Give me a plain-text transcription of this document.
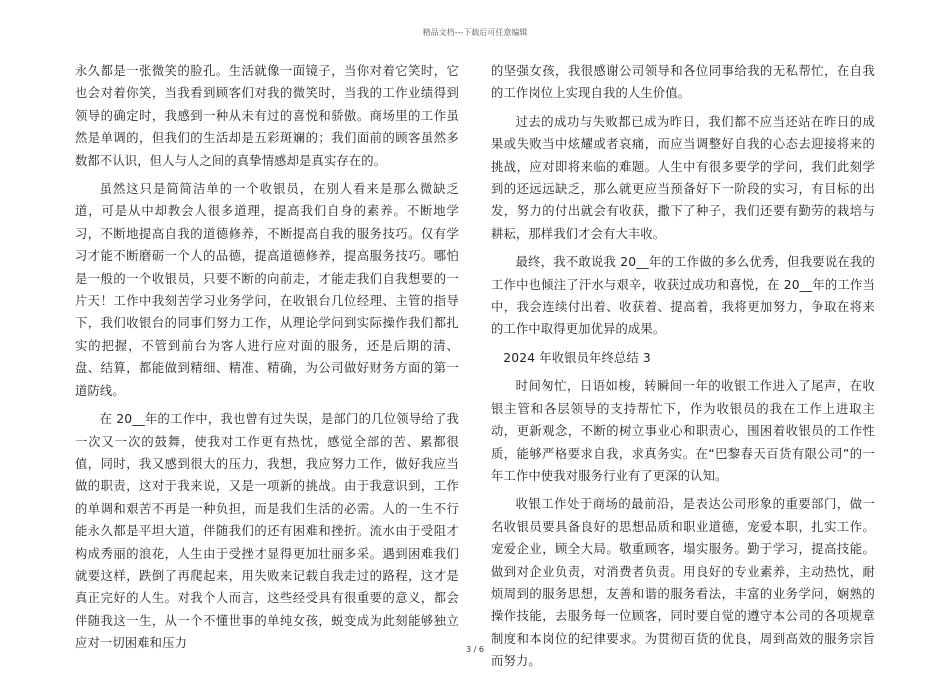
精品文档---下载后可任意编辑

永久都是一张微笑的脸孔。生活就像一面镜子，当你对着它笑时，它也会对着你笑，当我看到顾客们对我的微笑时，当我的工作业绩得到领导的确定时，我感到一种从未有过的喜悦和骄傲。商场里的工作虽然是单调的，但我们的生活却是五彩斑斓的；我们面前的顾客虽然多数都不认识，但人与人之间的真挚情感却是真实存在的。

虽然这只是简简洁单的一个收银员，在别人看来是那么微缺乏道，可是从中却教会人很多道理，提高我们自身的素养。不断地学习，不断地提高自我的道德修养，不断提高自我的服务技巧。仅有学习才能不断磨砺一个人的品德，提高道德修养，提高服务技巧。哪怕是一般的一个收银员，只要不断的向前走，才能走我们自我想要的一片天！工作中我刻苦学习业务学问，在收银台几位经理、主管的指导下，我们收银台的同事们努力工作，从理论学问到实际操作我们都扎实的把握，不管到前台为客人进行应对面的服务，还是后期的清、盘、结算，都能做到精细、精准、精确，为公司做好财务方面的第一道防线。

在 20__年的工作中，我也曾有过失误，是部门的几位领导给了我一次又一次的鼓舞，使我对工作更有热忱，感觉全部的苦、累都很值，同时，我又感到很大的压力，我想，我应努力工作，做好我应当做的职责，这对于我来说，又是一项新的挑战。由于我意识到，工作的单调和艰苦不再是一种负担，而是我们生活的必需。人的一生不行能永久都是平坦大道，伴随我们的还有困难和挫折。流水由于受阻才构成秀丽的浪花，人生由于受挫才显得更加壮丽多采。遇到困难我们就要这样，跌倒了再爬起来，用失败来记载自我走过的路程，这才是真正完好的人生。对我个人而言，这些经受具有很重要的意义，都会伴随我这一生，从一个不懂世事的单纯女孩，蜕变成为此刻能够独立应对一切困难和压力

的坚强女孩，我很感谢公司领导和各位同事给我的无私帮忙，在自我的工作岗位上实现自我的人生价值。

过去的成功与失败都已成为昨日，我们都不应当还站在昨日的成果或失败当中炫耀或者哀痛，而应当调整好自我的心态去迎接将来的挑战，应对即将来临的难题。人生中有很多要学的学问，我们此刻学到的还远远缺乏，那么就更应当预备好下一阶段的实习，有目标的出发，努力的付出就会有收获，撒下了种子，我们还要有勤劳的栽培与耕耘，那样我们才会有大丰收。

最终，我不敢说我 20__年的工作做的多么优秀，但我要说在我的工作中也倾注了汗水与艰辛，收获过成功和喜悦，在 20__年的工作当中，我会连续付出着、收获着、提高着，我将更加努力，争取在将来的工作中取得更加优异的成果。

2024 年收银员年终总结 3

时间匆忙，日语如梭，转瞬间一年的收银工作进入了尾声，在收银主管和各层领导的支持帮忙下，作为收银员的我在工作上进取主动，更新观念，不断的树立事业心和职责心，围困着收银员的工作性质，能够严格要求自我，求真务实。在“巴黎春天百货有限公司”的一年工作中使我对服务行业有了更深的认知。

收银工作处于商场的最前沿，是表达公司形象的重要部门，做一名收银员要具备良好的思想品质和职业道德，宠爱本职，扎实工作。宠爱企业，顾全大局。敬重顾客，塌实服务。勤于学习，提高技能。做到对企业负责，对消费者负责。用良好的专业素养，主动热忱，耐烦周到的服务思想，友善和谐的服务看法，丰富的业务学问，娴熟的操作技能，去服务每一位顾客，同时要自觉的遵守本公司的各项规章制度和本岗位的纪律要求。为贯彻百货的优良，周到高效的服务宗旨而努力。

3 / 6
